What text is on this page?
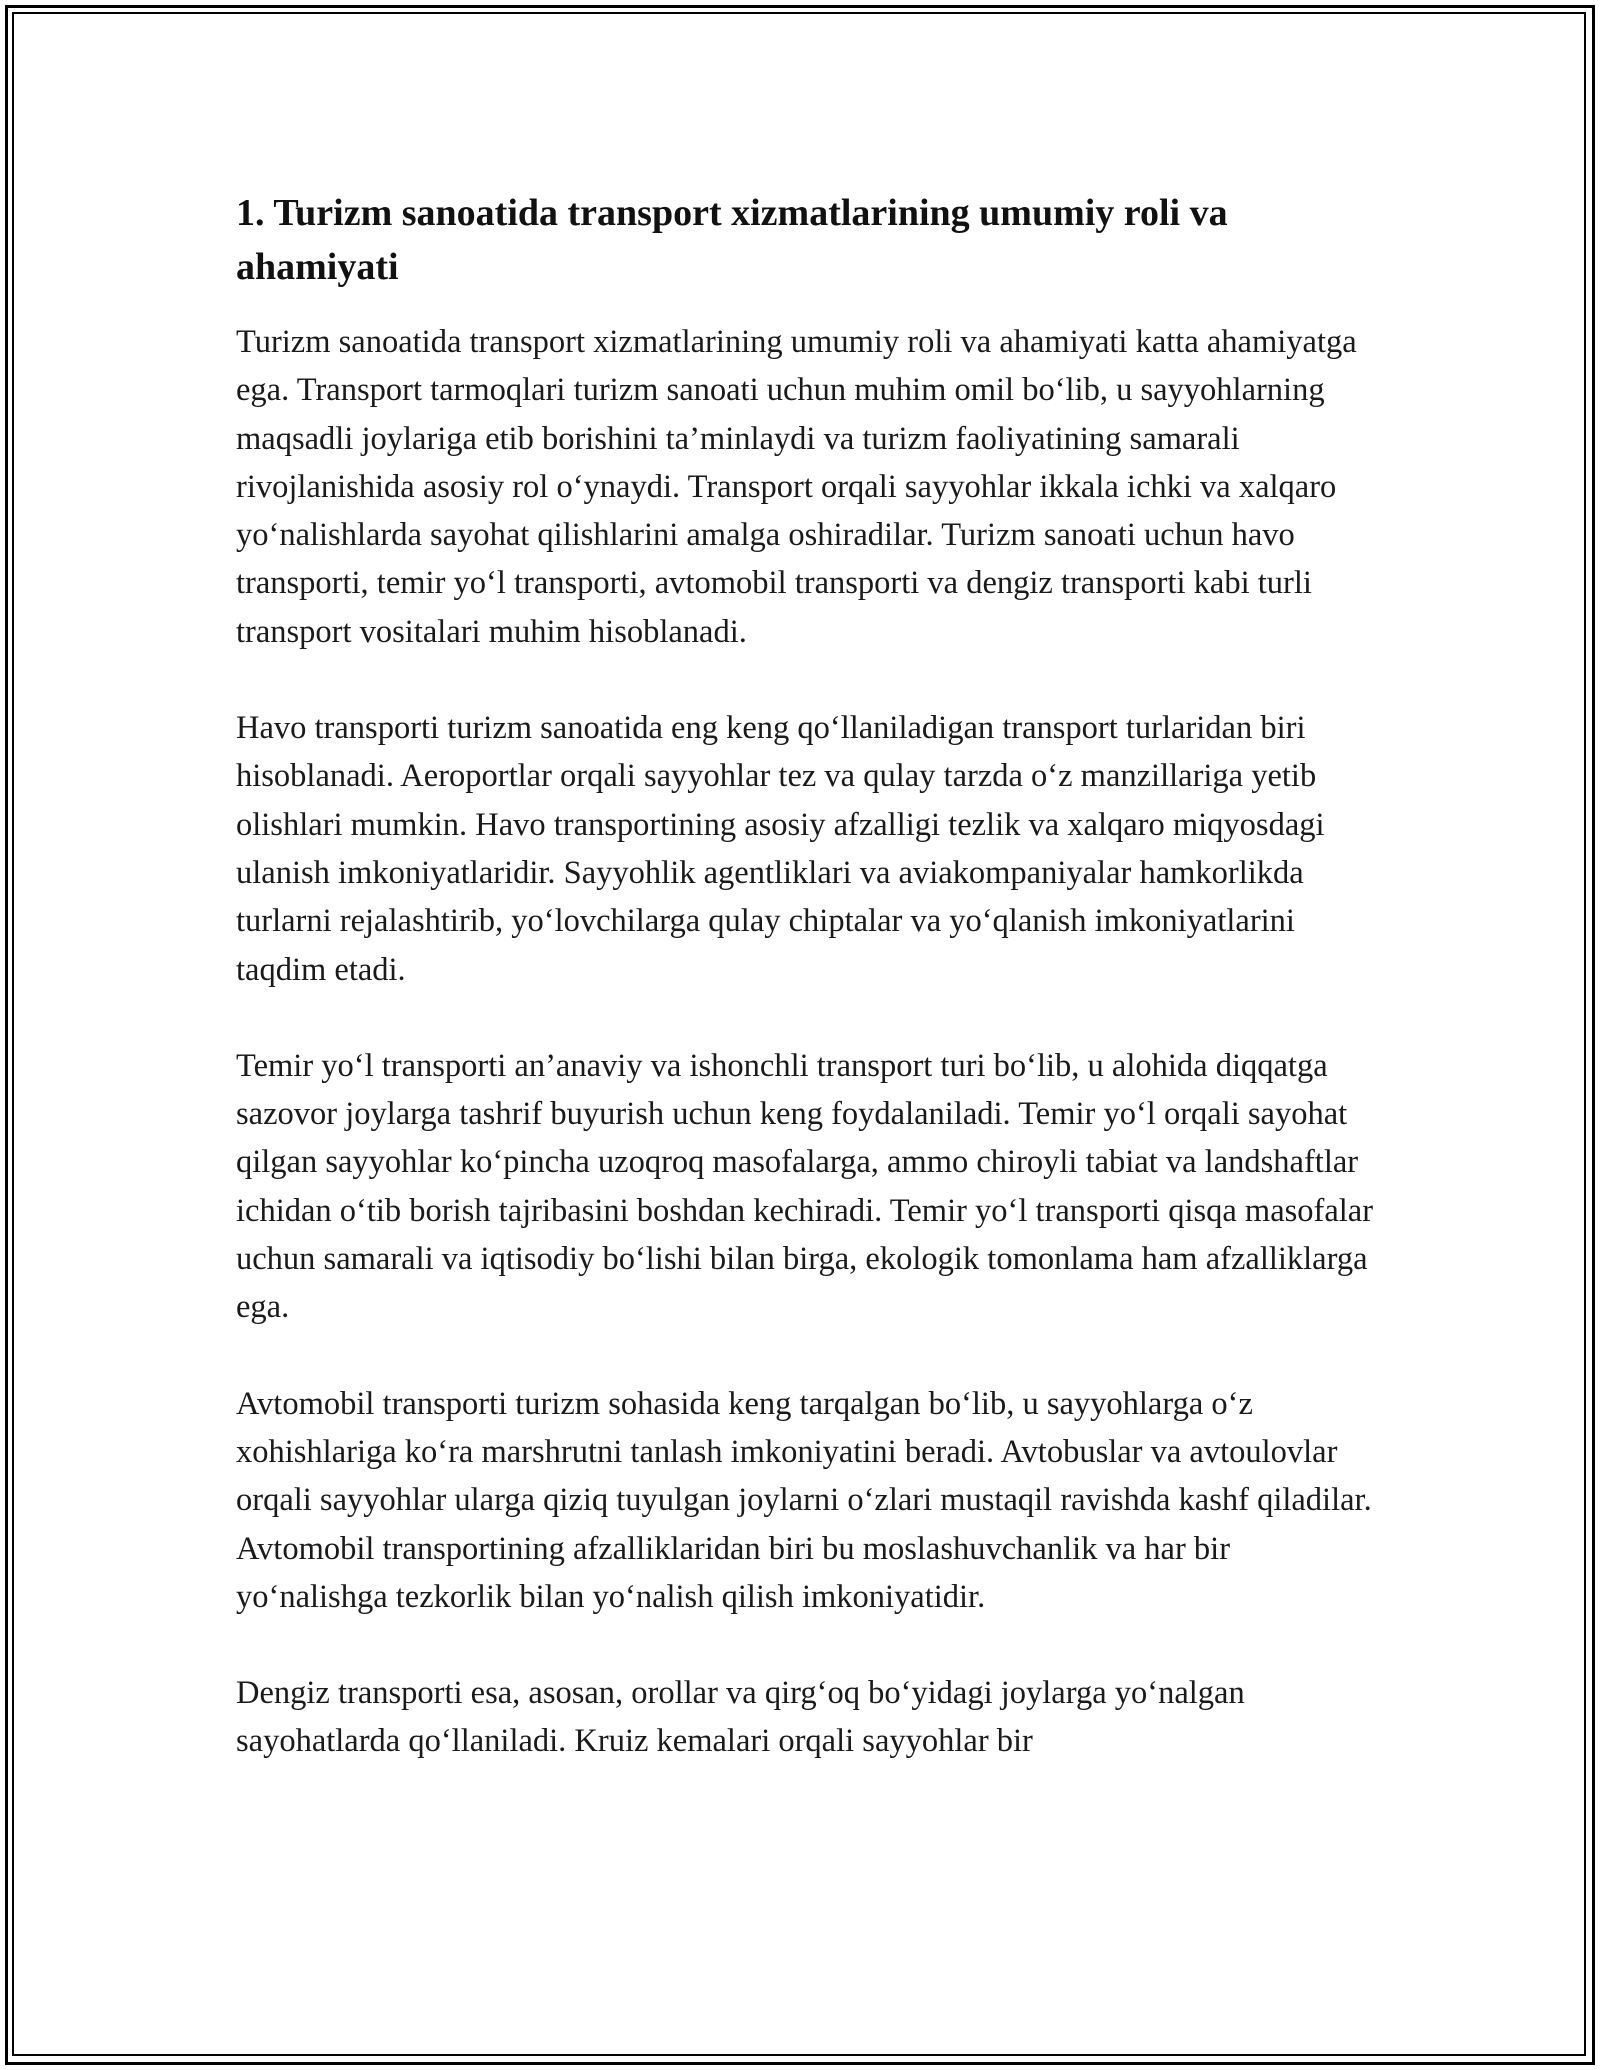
1. Turizm sanoatida transport xizmatlarining umumiy roli va ahamiyati

Turizm sanoatida transport xizmatlarining umumiy roli va ahamiyati katta ahamiyatga ega. Transport tarmoqlari turizm sanoati uchun muhim omil bo‘lib, u sayyohlarning maqsadli joylariga etib borishini ta’minlaydi va turizm faoliyatining samarali rivojlanishida asosiy rol o‘ynaydi. Transport orqali sayyohlar ikkala ichki va xalqaro yo‘nalishlarda sayohat qilishlarini amalga oshiradilar. Turizm sanoati uchun havo transporti, temir yo‘l transporti, avtomobil transporti va dengiz transporti kabi turli transport vositalari muhim hisoblanadi.

Havo transporti turizm sanoatida eng keng qo‘llaniladigan transport turlaridan biri hisoblanadi. Aeroportlar orqali sayyohlar tez va qulay tarzda o‘z manzillariga yetib olishlari mumkin. Havo transportining asosiy afzalligi tezlik va xalqaro miqyosdagi ulanish imkoniyatlaridir. Sayyohlik agentliklari va aviakompaniyalar hamkorlikda turlarni rejalashtirib, yo‘lovchilarga qulay chiptalar va yo‘qlanish imkoniyatlarini taqdim etadi.

Temir yo‘l transporti an’anaviy va ishonchli transport turi bo‘lib, u alohida diqqatga sazovor joylarga tashrif buyurish uchun keng foydalaniladi. Temir yo‘l orqali sayohat qilgan sayyohlar ko‘pincha uzoqroq masofalarga, ammo chiroyli tabiat va landshaftlar ichidan o‘tib borish tajribasini boshdan kechiradi. Temir yo‘l transporti qisqa masofalar uchun samarali va iqtisodiy bo‘lishi bilan birga, ekologik tomonlama ham afzalliklarga ega.

Avtomobil transporti turizm sohasida keng tarqalgan bo‘lib, u sayyohlarga o‘z xohishlariga ko‘ra marshrutni tanlash imkoniyatini beradi. Avtobuslar va avtoulovlar orqali sayyohlar ularga qiziq tuyulgan joylarni o‘zlari mustaqil ravishda kashf qiladilar. Avtomobil transportining afzalliklaridan biri bu moslashuvchanlik va har bir yo‘nalishga tezkorlik bilan yo‘nalish qilish imkoniyatidir.

Dengiz transporti esa, asosan, orollar va qirg‘oq bo‘yidagi joylarga yo‘nalgan sayohatlarda qo‘llaniladi. Kruiz kemalari orqali sayyohlar bir
